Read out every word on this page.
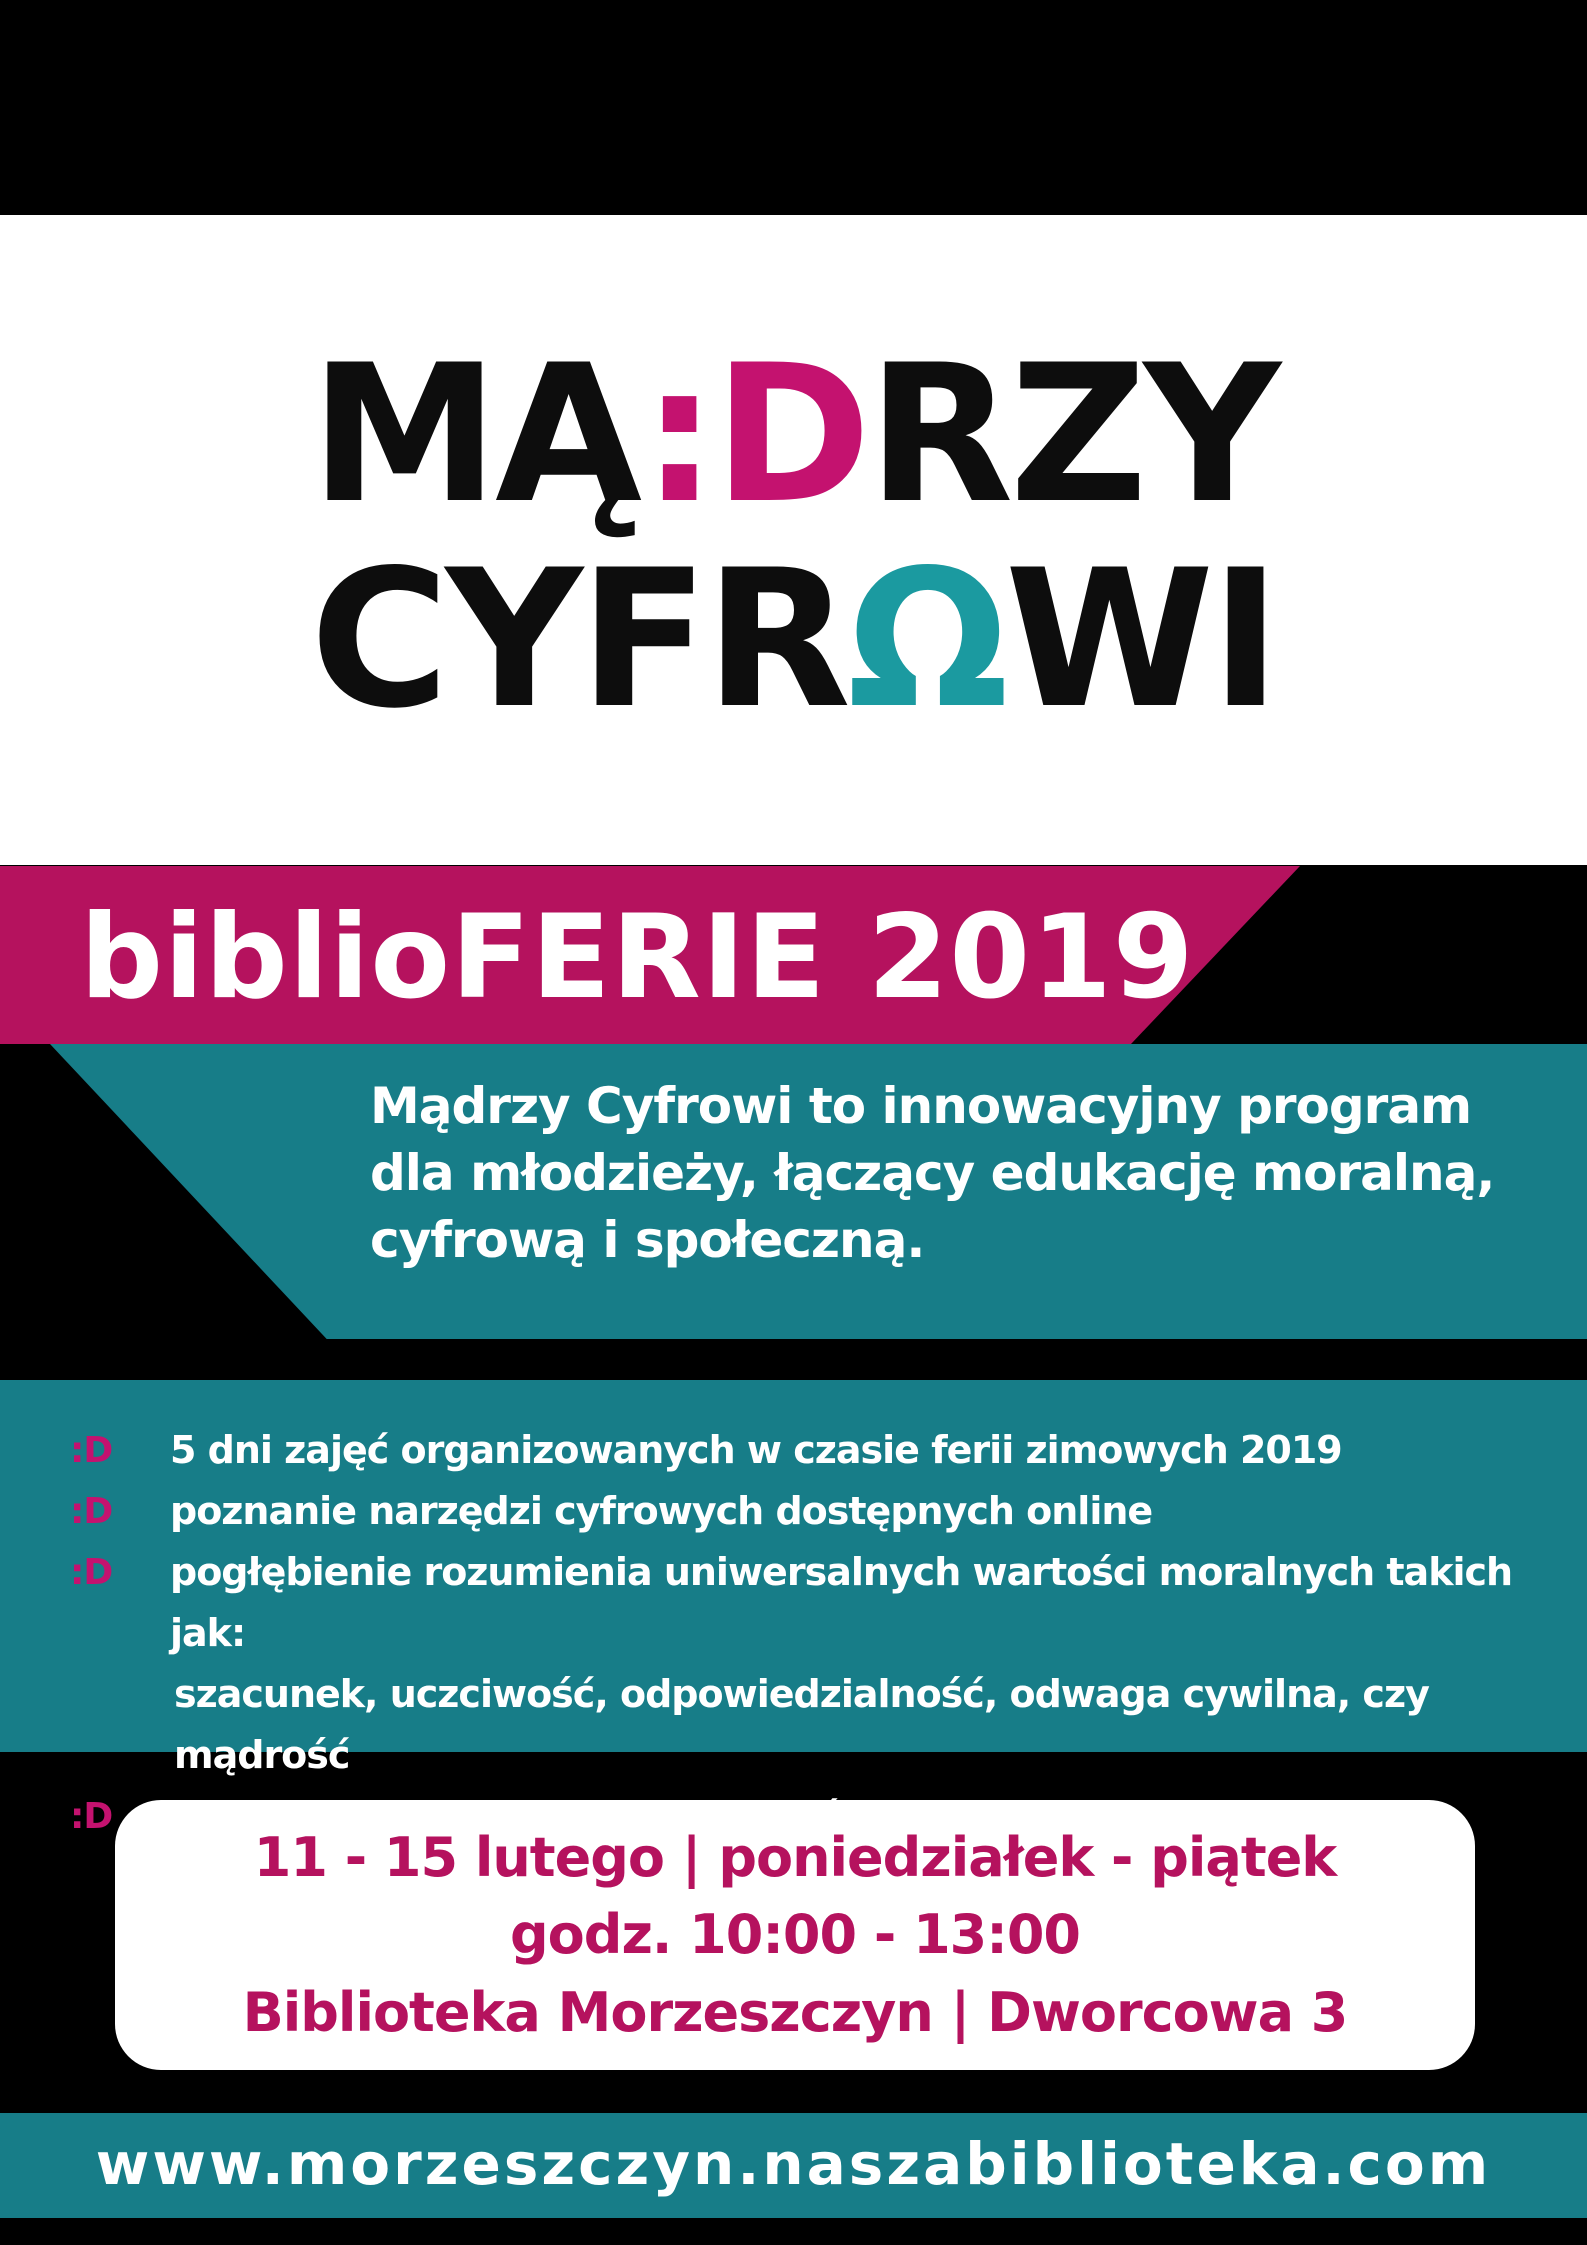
MĄ:DRZY
CYFRΩWI
biblioFERIE 2019
Mądrzy Cyfrowi to innowacyjny program dla młodzieży, łączący edukację moralną, cyfrową i społeczną.
:D 5 dni zajęć organizowanych w czasie ferii zimowych 2019
:D poznanie narzędzi cyfrowych dostępnych online
:D pogłębienie rozumienia uniwersalnych wartości moralnych takich jak:
szacunek, uczciwość, odpowiedzialność, odwaga cywilna, czy mądrość
:D
11 - 15 lutego | poniedziałek - piątek
godz. 10:00 - 13:00
Biblioteka Morzeszczyn | Dworcowa 3
www.morzeszczyn.naszabiblioteka.com
